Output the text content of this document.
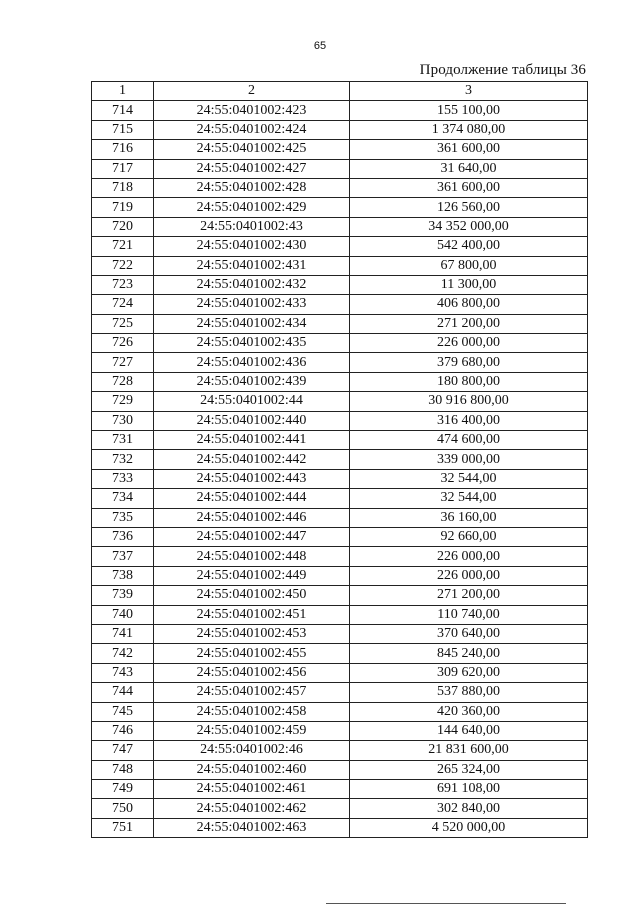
65
Продолжение таблицы 36
1	2	3
714	24:55:0401002:423	155 100,00
715	24:55:0401002:424	1 374 080,00
716	24:55:0401002:425	361 600,00
717	24:55:0401002:427	31 640,00
718	24:55:0401002:428	361 600,00
719	24:55:0401002:429	126 560,00
720	24:55:0401002:43	34 352 000,00
721	24:55:0401002:430	542 400,00
722	24:55:0401002:431	67 800,00
723	24:55:0401002:432	11 300,00
724	24:55:0401002:433	406 800,00
725	24:55:0401002:434	271 200,00
726	24:55:0401002:435	226 000,00
727	24:55:0401002:436	379 680,00
728	24:55:0401002:439	180 800,00
729	24:55:0401002:44	30 916 800,00
730	24:55:0401002:440	316 400,00
731	24:55:0401002:441	474 600,00
732	24:55:0401002:442	339 000,00
733	24:55:0401002:443	32 544,00
734	24:55:0401002:444	32 544,00
735	24:55:0401002:446	36 160,00
736	24:55:0401002:447	92 660,00
737	24:55:0401002:448	226 000,00
738	24:55:0401002:449	226 000,00
739	24:55:0401002:450	271 200,00
740	24:55:0401002:451	110 740,00
741	24:55:0401002:453	370 640,00
742	24:55:0401002:455	845 240,00
743	24:55:0401002:456	309 620,00
744	24:55:0401002:457	537 880,00
745	24:55:0401002:458	420 360,00
746	24:55:0401002:459	144 640,00
747	24:55:0401002:46	21 831 600,00
748	24:55:0401002:460	265 324,00
749	24:55:0401002:461	691 108,00
750	24:55:0401002:462	302 840,00
751	24:55:0401002:463	4 520 000,00
